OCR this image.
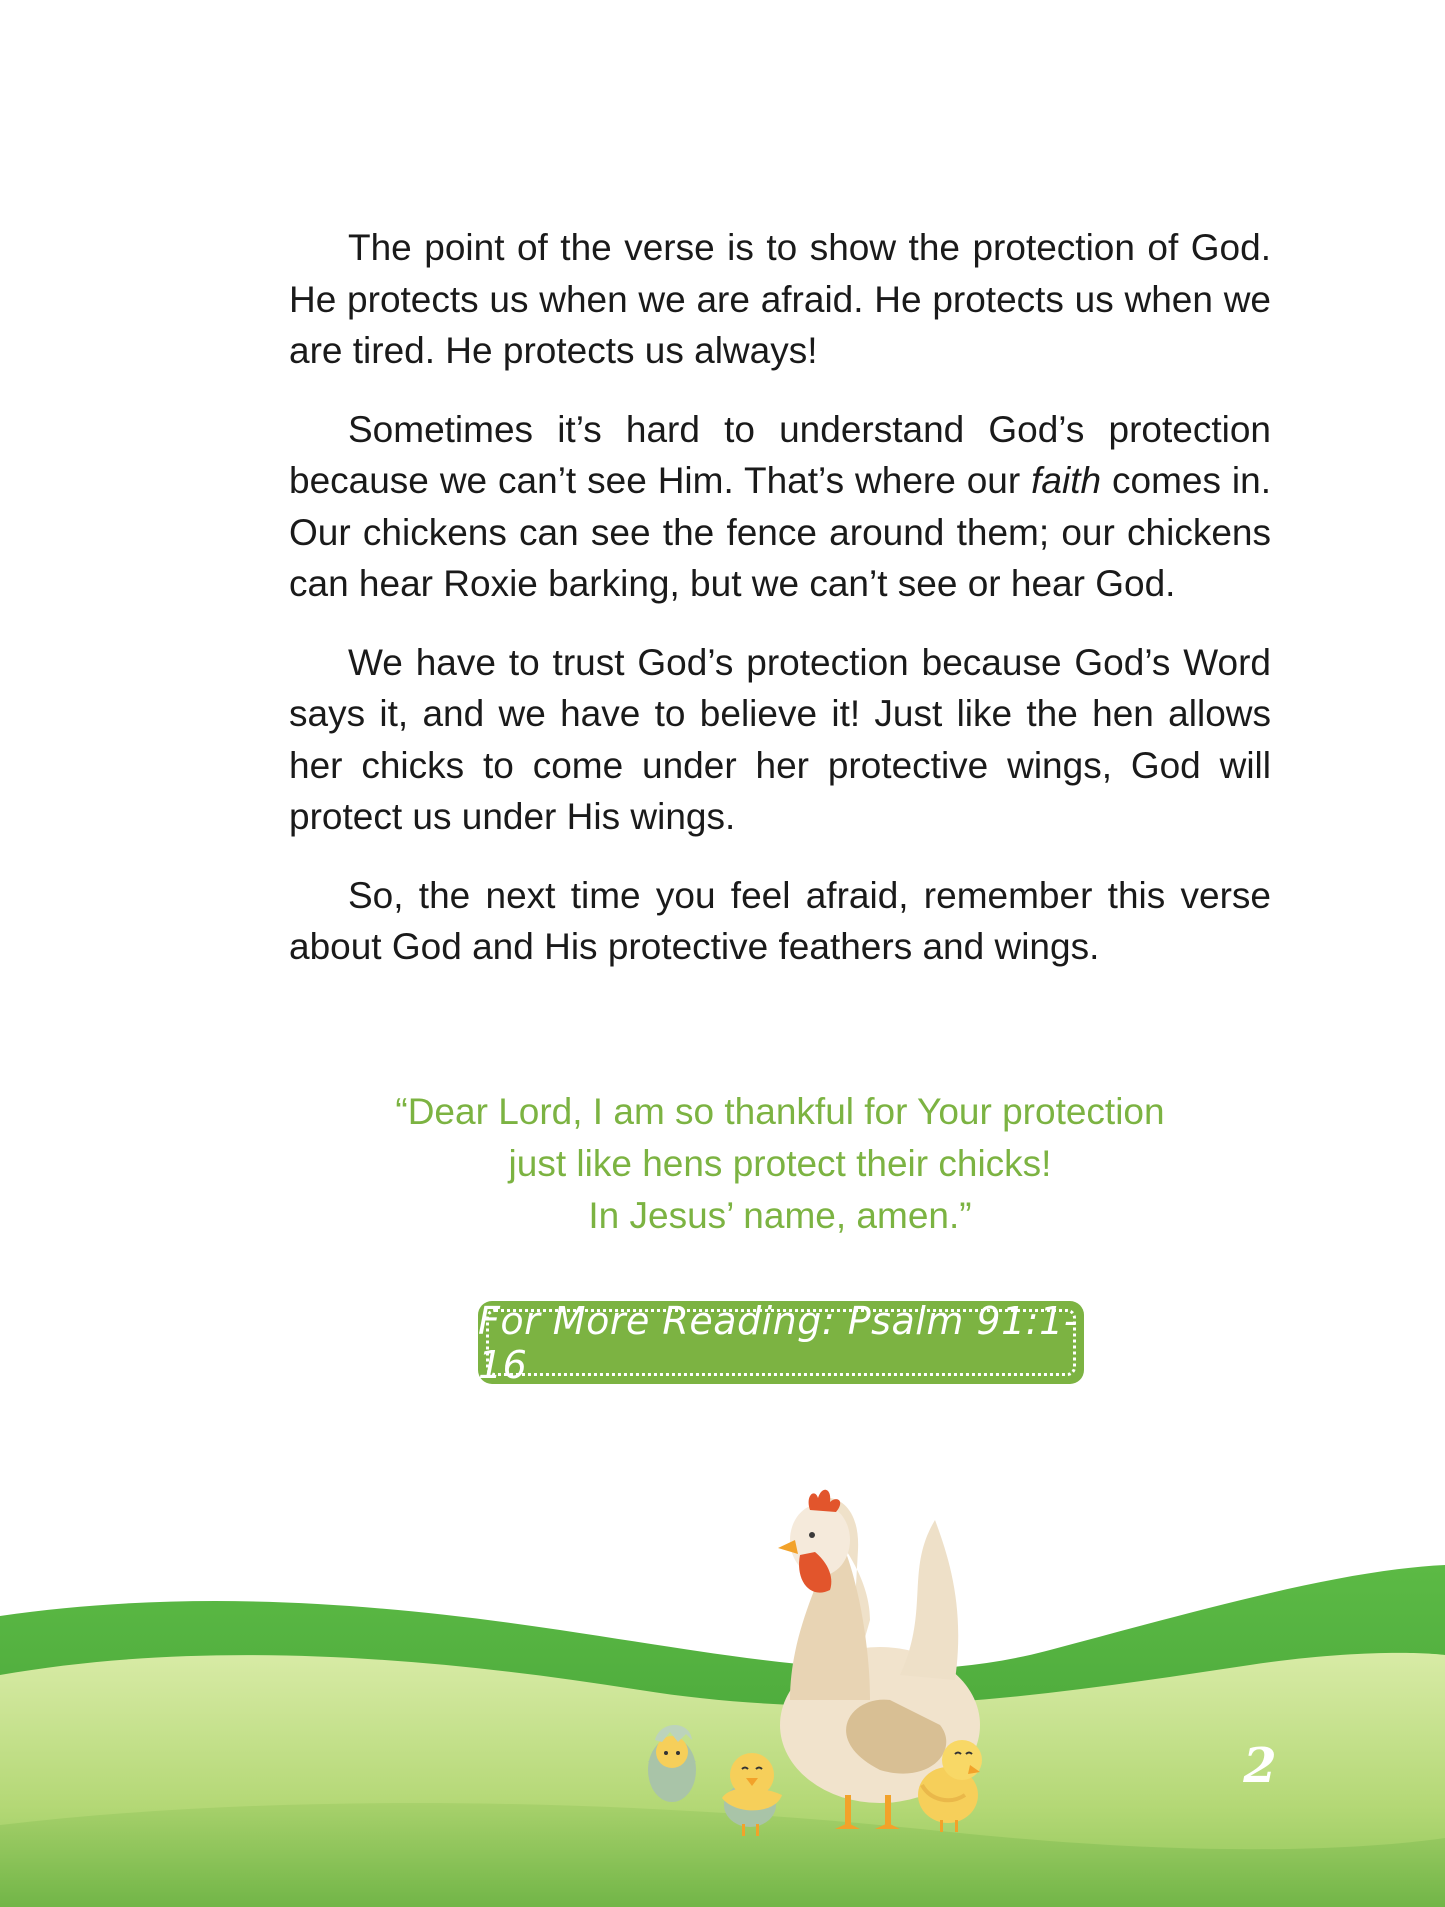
The point of the verse is to show the protection of God. He protects us when we are afraid. He protects us when we are tired. He protects us always!

Sometimes it’s hard to understand God’s protection because we can’t see Him. That’s where our faith comes in. Our chickens can see the fence around them; our chickens can hear Roxie barking, but we can’t see or hear God.

We have to trust God’s protection because God’s Word says it, and we have to believe it! Just like the hen allows her chicks to come under her protective wings, God will protect us under His wings.

So, the next time you feel afraid, remember this verse about God and His protective feathers and wings.

“Dear Lord, I am so thankful for Your protection
just like hens protect their chicks!
In Jesus’ name, amen.”
For More Reading: Psalm 91:1-16
2
